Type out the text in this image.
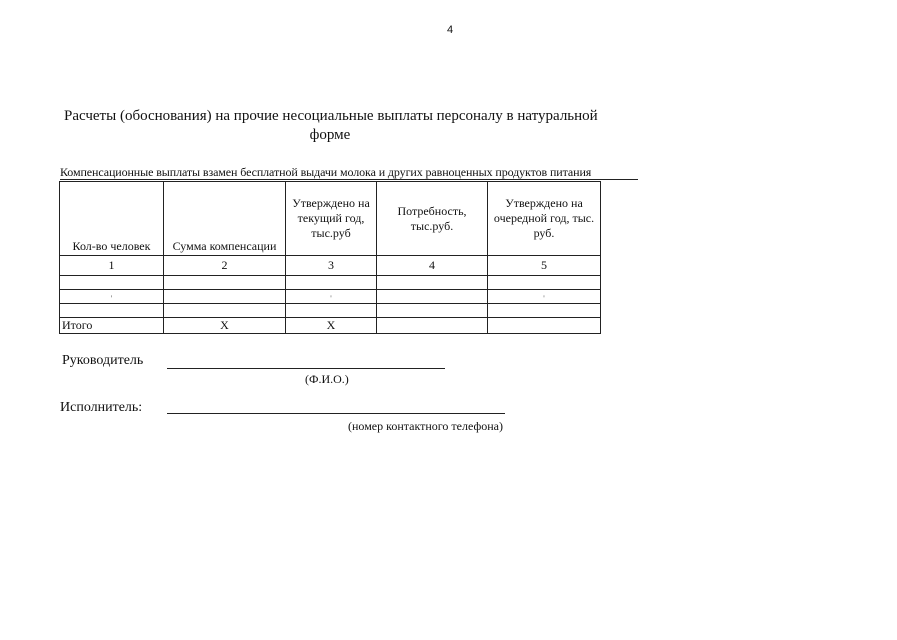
4
Расчеты (обоснования) на прочие несоциальные выплаты персоналу в натуральной
форме
Компенсационные выплаты взамен бесплатной выдачи молока и других равноценных продуктов питания
Кол-во человек	Сумма компенсации	Утверждено на текущий год, тыс.руб	Потребность, тыс.руб.	Утверждено на очередной год, тыс. руб.
1	2	3	4	5

'		'		'

Итого	Х	Х		
Руководитель
(Ф.И.О.)
Исполнитель:
(номер контактного телефона)
